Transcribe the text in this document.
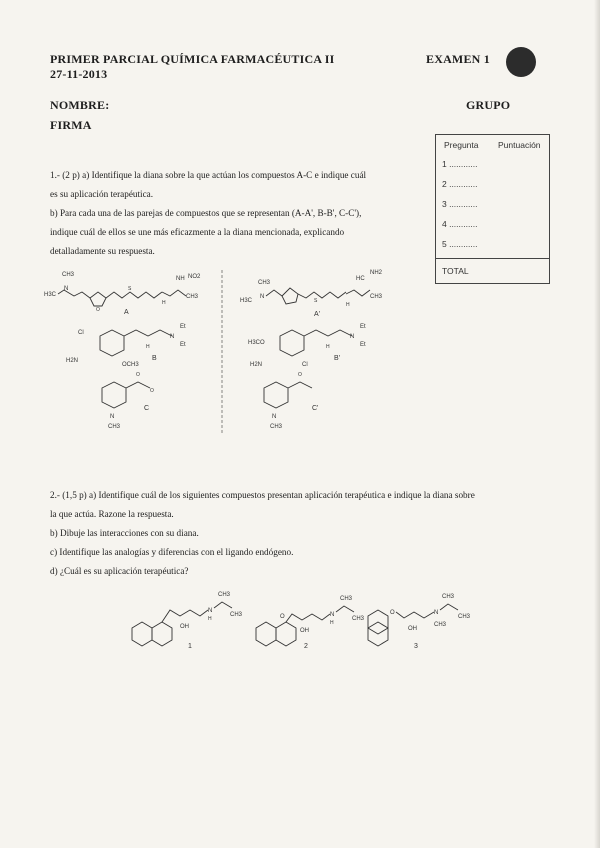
PRIMER PARCIAL QUÍMICA FARMACÉUTICA II
27-11-2013
EXAMEN 1
NOMBRE:	GRUPO
FIRMA
Pregunta Puntuación
1 ............
2 ............
3 ............
4 ............
5 ............
TOTAL
1.- (2 p) a) Identifique la diana sobre la que actúan los compuestos A-C e indique cuál
es su aplicación terapéutica.
b) Para cada una de las parejas de compuestos que se representan (A-A', B-B', C-C'),
indique cuál de ellos se une más eficazmente a la diana mencionada, explicando
detalladamente su respuesta.
CH3
H3C
N
O
S
H
NH NO2
CH3
A
CH3
H3C
N
S
H
HC
NH2
CH3
A'
Cl
H2N
OCH3
H
N
Et
Et
B
H3CO
H2N	Cl
H
N
Et
Et
B'
O
O
N
CH3
C
O
N
CH3
C'
2.- (1,5 p) a) Identifique cuál de los siguientes compuestos presentan aplicación terapéutica e indique la diana sobre
la que actúa. Razone la respuesta.
b) Dibuje las interacciones con su diana.
c) Identifique las analogías y diferencias con el ligando endógeno.
d) ¿Cuál es su aplicación terapéutica?
OH
N
H
CH3
CH3
1
O
OH
N
H
CH3
CH3
2
O
OH
N
CH3
CH3
CH3
3
